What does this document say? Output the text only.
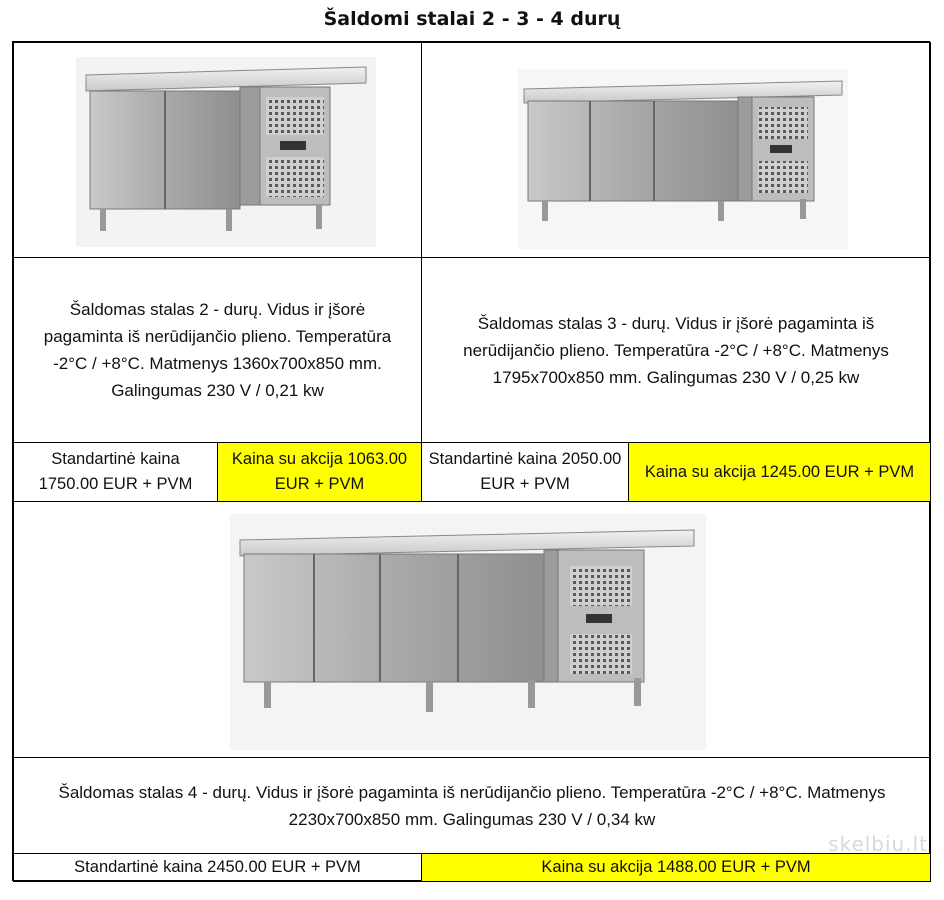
Šaldomi stalai 2 - 3 - 4 durų
Šaldomas stalas 2 - durų. Vidus ir įšorė pagaminta iš nerūdijančio plieno. Temperatūra -2°C / +8°C. Matmenys 1360x700x850 mm. Galingumas 230 V / 0,21 kw
Šaldomas stalas 3 - durų. Vidus ir įšorė pagaminta iš nerūdijančio plieno. Temperatūra -2°C / +8°C. Matmenys 1795x700x850 mm. Galingumas 230 V / 0,25 kw
Standartinė kaina 1750.00 EUR + PVM
Kaina su akcija 1063.00 EUR + PVM
Standartinė kaina 2050.00 EUR + PVM
Kaina su akcija 1245.00 EUR + PVM
Šaldomas stalas 4 - durų. Vidus ir įšorė pagaminta iš nerūdijančio plieno. Temperatūra -2°C / +8°C. Matmenys 2230x700x850 mm. Galingumas 230 V / 0,34 kw
Standartinė kaina 2450.00 EUR + PVM	Kaina su akcija 1488.00 EUR + PVM
skelbiu.lt
